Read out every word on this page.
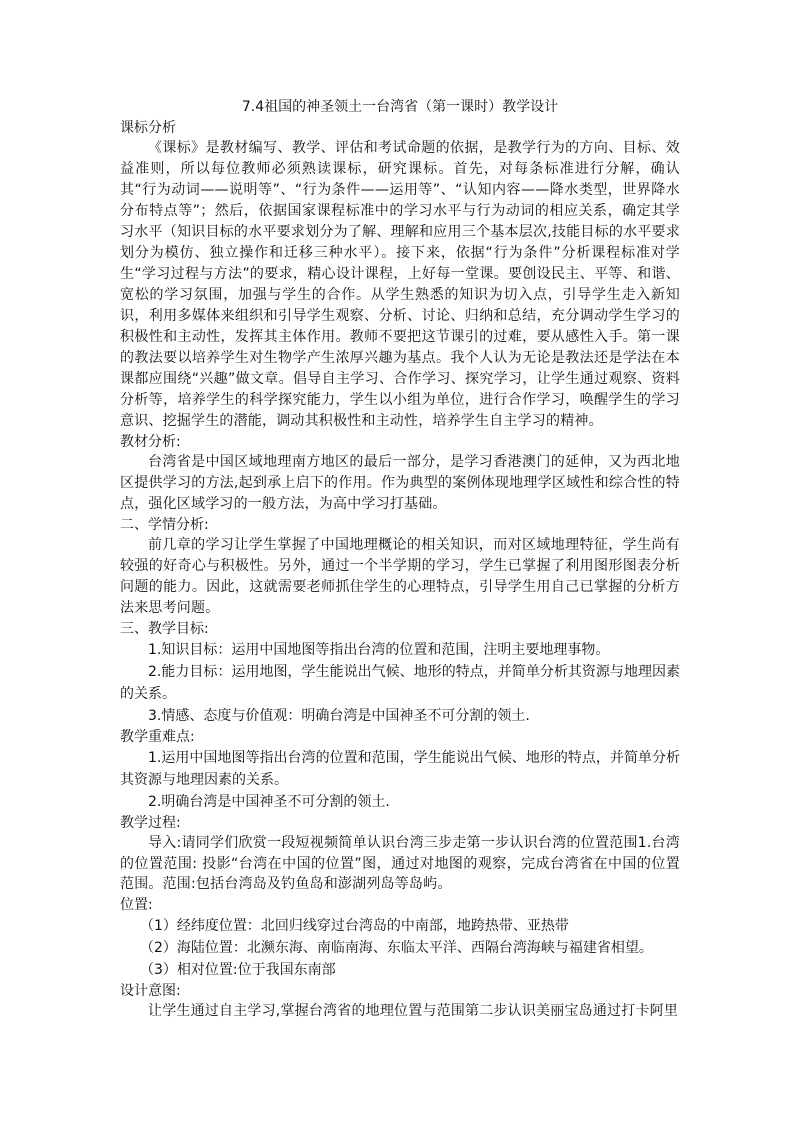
7.4祖国的神圣领土一台湾省（第一课时）教学设计

课标分析

《课标》是教材编写、教学、评估和考试命题的依据，是教学行为的方向、目标、效益准则，所以每位教师必须熟读课标，研究课标。首先，对每条标准进行分解，确认其“行为动词——说明等”、“行为条件——运用等”、“认知内容——降水类型，世界降水分布特点等”；然后，依据国家课程标准中的学习水平与行为动词的相应关系，确定其学习水平（知识目标的水平要求划分为了解、理解和应用三个基本层次,技能目标的水平要求划分为模仿、独立操作和迁移三种水平）。接下来，依据“行为条件”分析课程标准对学生“学习过程与方法”的要求，精心设计课程，上好每一堂课。要创设民主、平等、和谐、宽松的学习氛围，加强与学生的合作。从学生熟悉的知识为切入点，引导学生走入新知识，利用多媒体来组织和引导学生观察、分析、讨论、归纳和总结，充分调动学生学习的积极性和主动性，发挥其主体作用。教师不要把这节课引的过难，要从感性入手。第一课的教法要以培养学生对生物学产生浓厚兴趣为基点。我个人认为无论是教法还是学法在本课都应围绕“兴趣”做文章。倡导自主学习、合作学习、探究学习，让学生通过观察、资料分析等，培养学生的科学探究能力，学生以小组为单位，进行合作学习，唤醒学生的学习意识、挖掘学生的潜能，调动其积极性和主动性，培养学生自主学习的精神。

教材分析:

台湾省是中国区域地理南方地区的最后一部分，是学习香港澳门的延伸，又为西北地区提供学习的方法,起到承上启下的作用。作为典型的案例体现地理学区域性和综合性的特点，强化区域学习的一般方法，为高中学习打基础。

二、学情分析:

前几章的学习让学生掌握了中国地理概论的相关知识，而对区域地理特征，学生尚有较强的好奇心与积极性。另外，通过一个半学期的学习，学生已掌握了利用图形图表分析问题的能力。因此，这就需要老师抓住学生的心理特点，引导学生用自己已掌握的分析方法来思考问题。

三、教学目标:

1.知识目标：运用中国地图等指出台湾的位置和范围，注明主要地理事物。

2.能力目标：运用地图，学生能说出气候、地形的特点，并简单分析其资源与地理因素的关系。

3.情感、态度与价值观：明确台湾是中国神圣不可分割的领土.

教学重难点:

1.运用中国地图等指出台湾的位置和范围，学生能说出气候、地形的特点，并简单分析其资源与地理因素的关系。

2.明确台湾是中国神圣不可分割的领土.

教学过程:

导入:请同学们欣赏一段短视频简单认识台湾三步走第一步认识台湾的位置范围1.台湾的位置范围: 投影“台湾在中国的位置”图，通过对地图的观察，完成台湾省在中国的位置范围。范围:包括台湾岛及钓鱼岛和澎湖列岛等岛屿。

位置:

（1）经纬度位置：北回归线穿过台湾岛的中南部，地跨热带、亚热带

（2）海陆位置：北濒东海、南临南海、东临太平洋、西隔台湾海峡与福建省相望。

（3）相对位置:位于我国东南部

设计意图:

让学生通过自主学习,掌握台湾省的地理位置与范围第二步认识美丽宝岛通过打卡阿里
